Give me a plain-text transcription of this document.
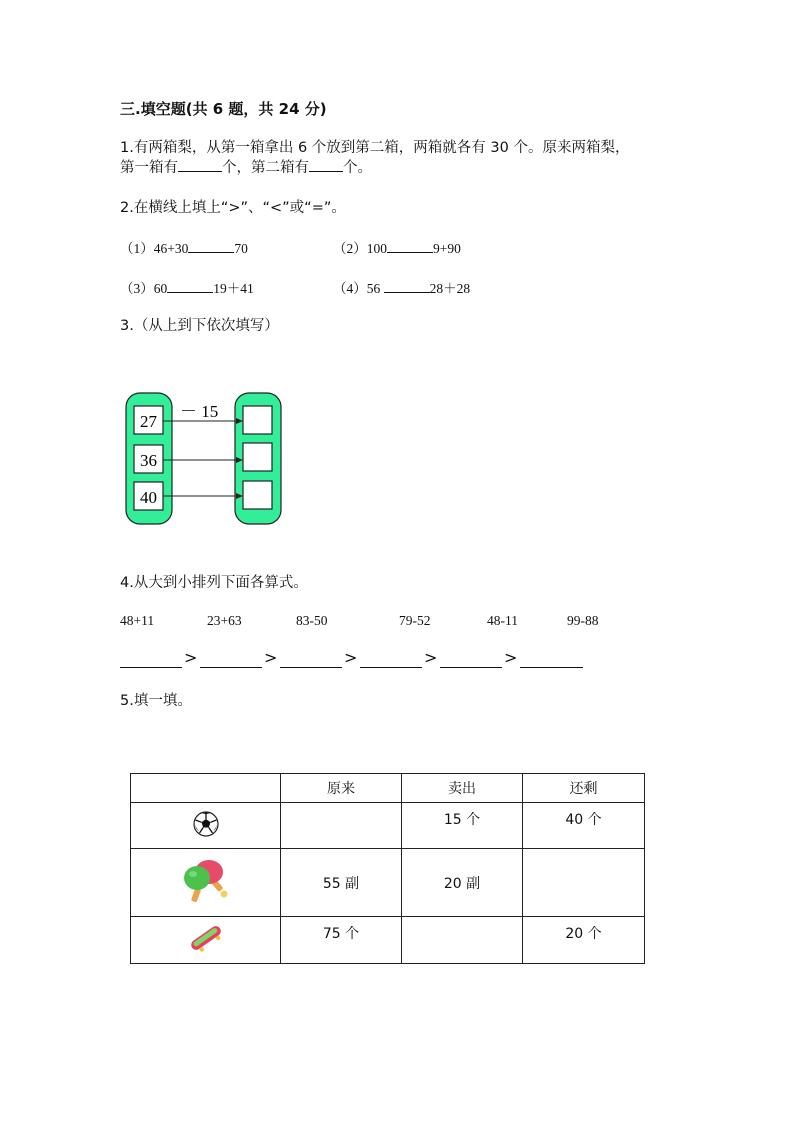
三.填空题(共 6 题，共 24 分)
1.有两箱梨，从第一箱拿出 6 个放到第二箱，两箱就各有 30 个。原来两箱梨，
第一箱有	个，第二箱有 个。
2.在横线上填上“>”、“<”或“=”。
（1）46+30	70	（2）100	9+90
（3）60	19＋41	（4）56	28＋28
3.（从上到下依次填写）
27
36
40
－ 15
4.从大到小排列下面各算式。
48+11	23+63	83-50	79-52	48-11	99-88
>	>	>	>	>
5.填一填。
	原来	卖出	还剩
		15 个	40 个
	55 副	20 副	
	75 个		20 个
